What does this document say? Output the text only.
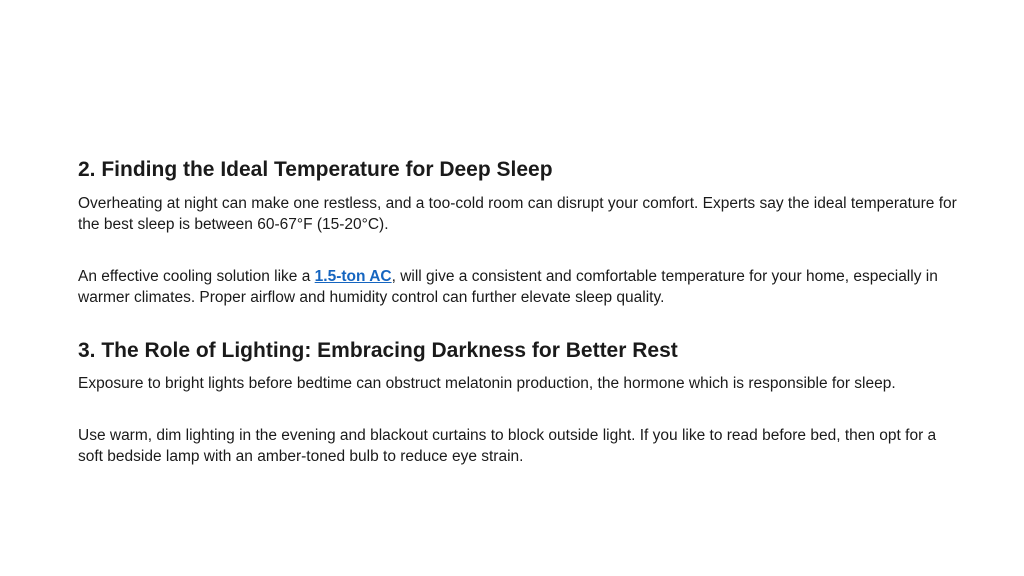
2. Finding the Ideal Temperature for Deep Sleep

Overheating at night can make one restless, and a too-cold room can disrupt your comfort. Experts say the ideal temperature for the best sleep is between 60-67°F (15-20°C).

An effective cooling solution like a 1.5-ton AC, will give a consistent and comfortable temperature for your home, especially in warmer climates. Proper airflow and humidity control can further elevate sleep quality.

3. The Role of Lighting: Embracing Darkness for Better Rest

Exposure to bright lights before bedtime can obstruct melatonin production, the hormone which is responsible for sleep.

Use warm, dim lighting in the evening and blackout curtains to block outside light. If you like to read before bed, then opt for a soft bedside lamp with an amber-toned bulb to reduce eye strain.
